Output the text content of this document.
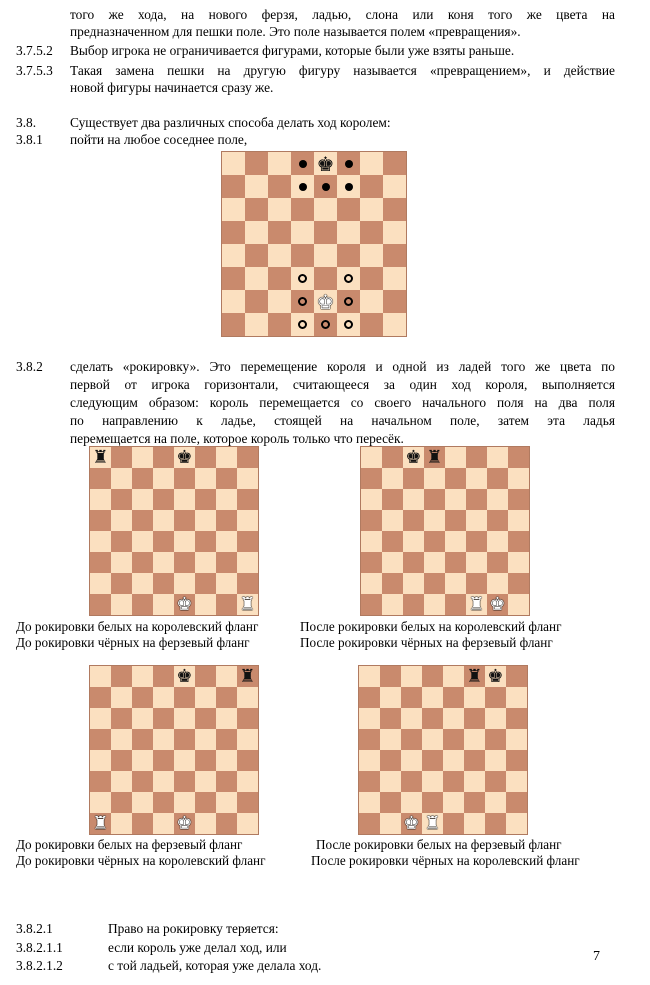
того же хода, на нового ферзя, ладью, слона или коня того же цвета на
предназначенном для пешки поле. Это поле называется полем «превращения».
3.7.5.2 Выбор игрока не ограничивается фигурами, которые были уже взяты раньше.
3.7.5.3 Такая замена пешки на другую фигуру называется «превращением», и действие
новой фигуры начинается сразу же.
3.8.	Существует два различных способа делать ход королем:
3.8.1 пойти на любое соседнее поле,
♚
♚
3.8.2 сделать «рокировку». Это перемещение короля и одной из ладей того же цвета по
первой от игрока горизонтали, считающееся за один ход короля, выполняется
следующим образом: король перемещается со своего начального поля на два поля
по направлению к ладье, стоящей на начальном поле, затем эта ладья
перемещается на поле, которое король только что пересёк.
♜	♚
♚	♜
♚ ♜
♜ ♚
До рокировки белых на королевский фланг
До рокировки чёрных на ферзевый фланг
После рокировки белых на королевский фланг
После рокировки чёрных на ферзевый фланг
♚	♜
♜	♚
♜ ♚
♚ ♜
До рокировки белых на ферзевый фланг
До рокировки чёрных на королевский фланг
После рокировки белых на ферзевый фланг
После рокировки чёрных на королевский фланг
3.8.2.1	Право на рокировку теряется:
3.8.2.1.1	если король уже делал ход, или
3.8.2.1.2	с той ладьей, которая уже делала ход.
7
